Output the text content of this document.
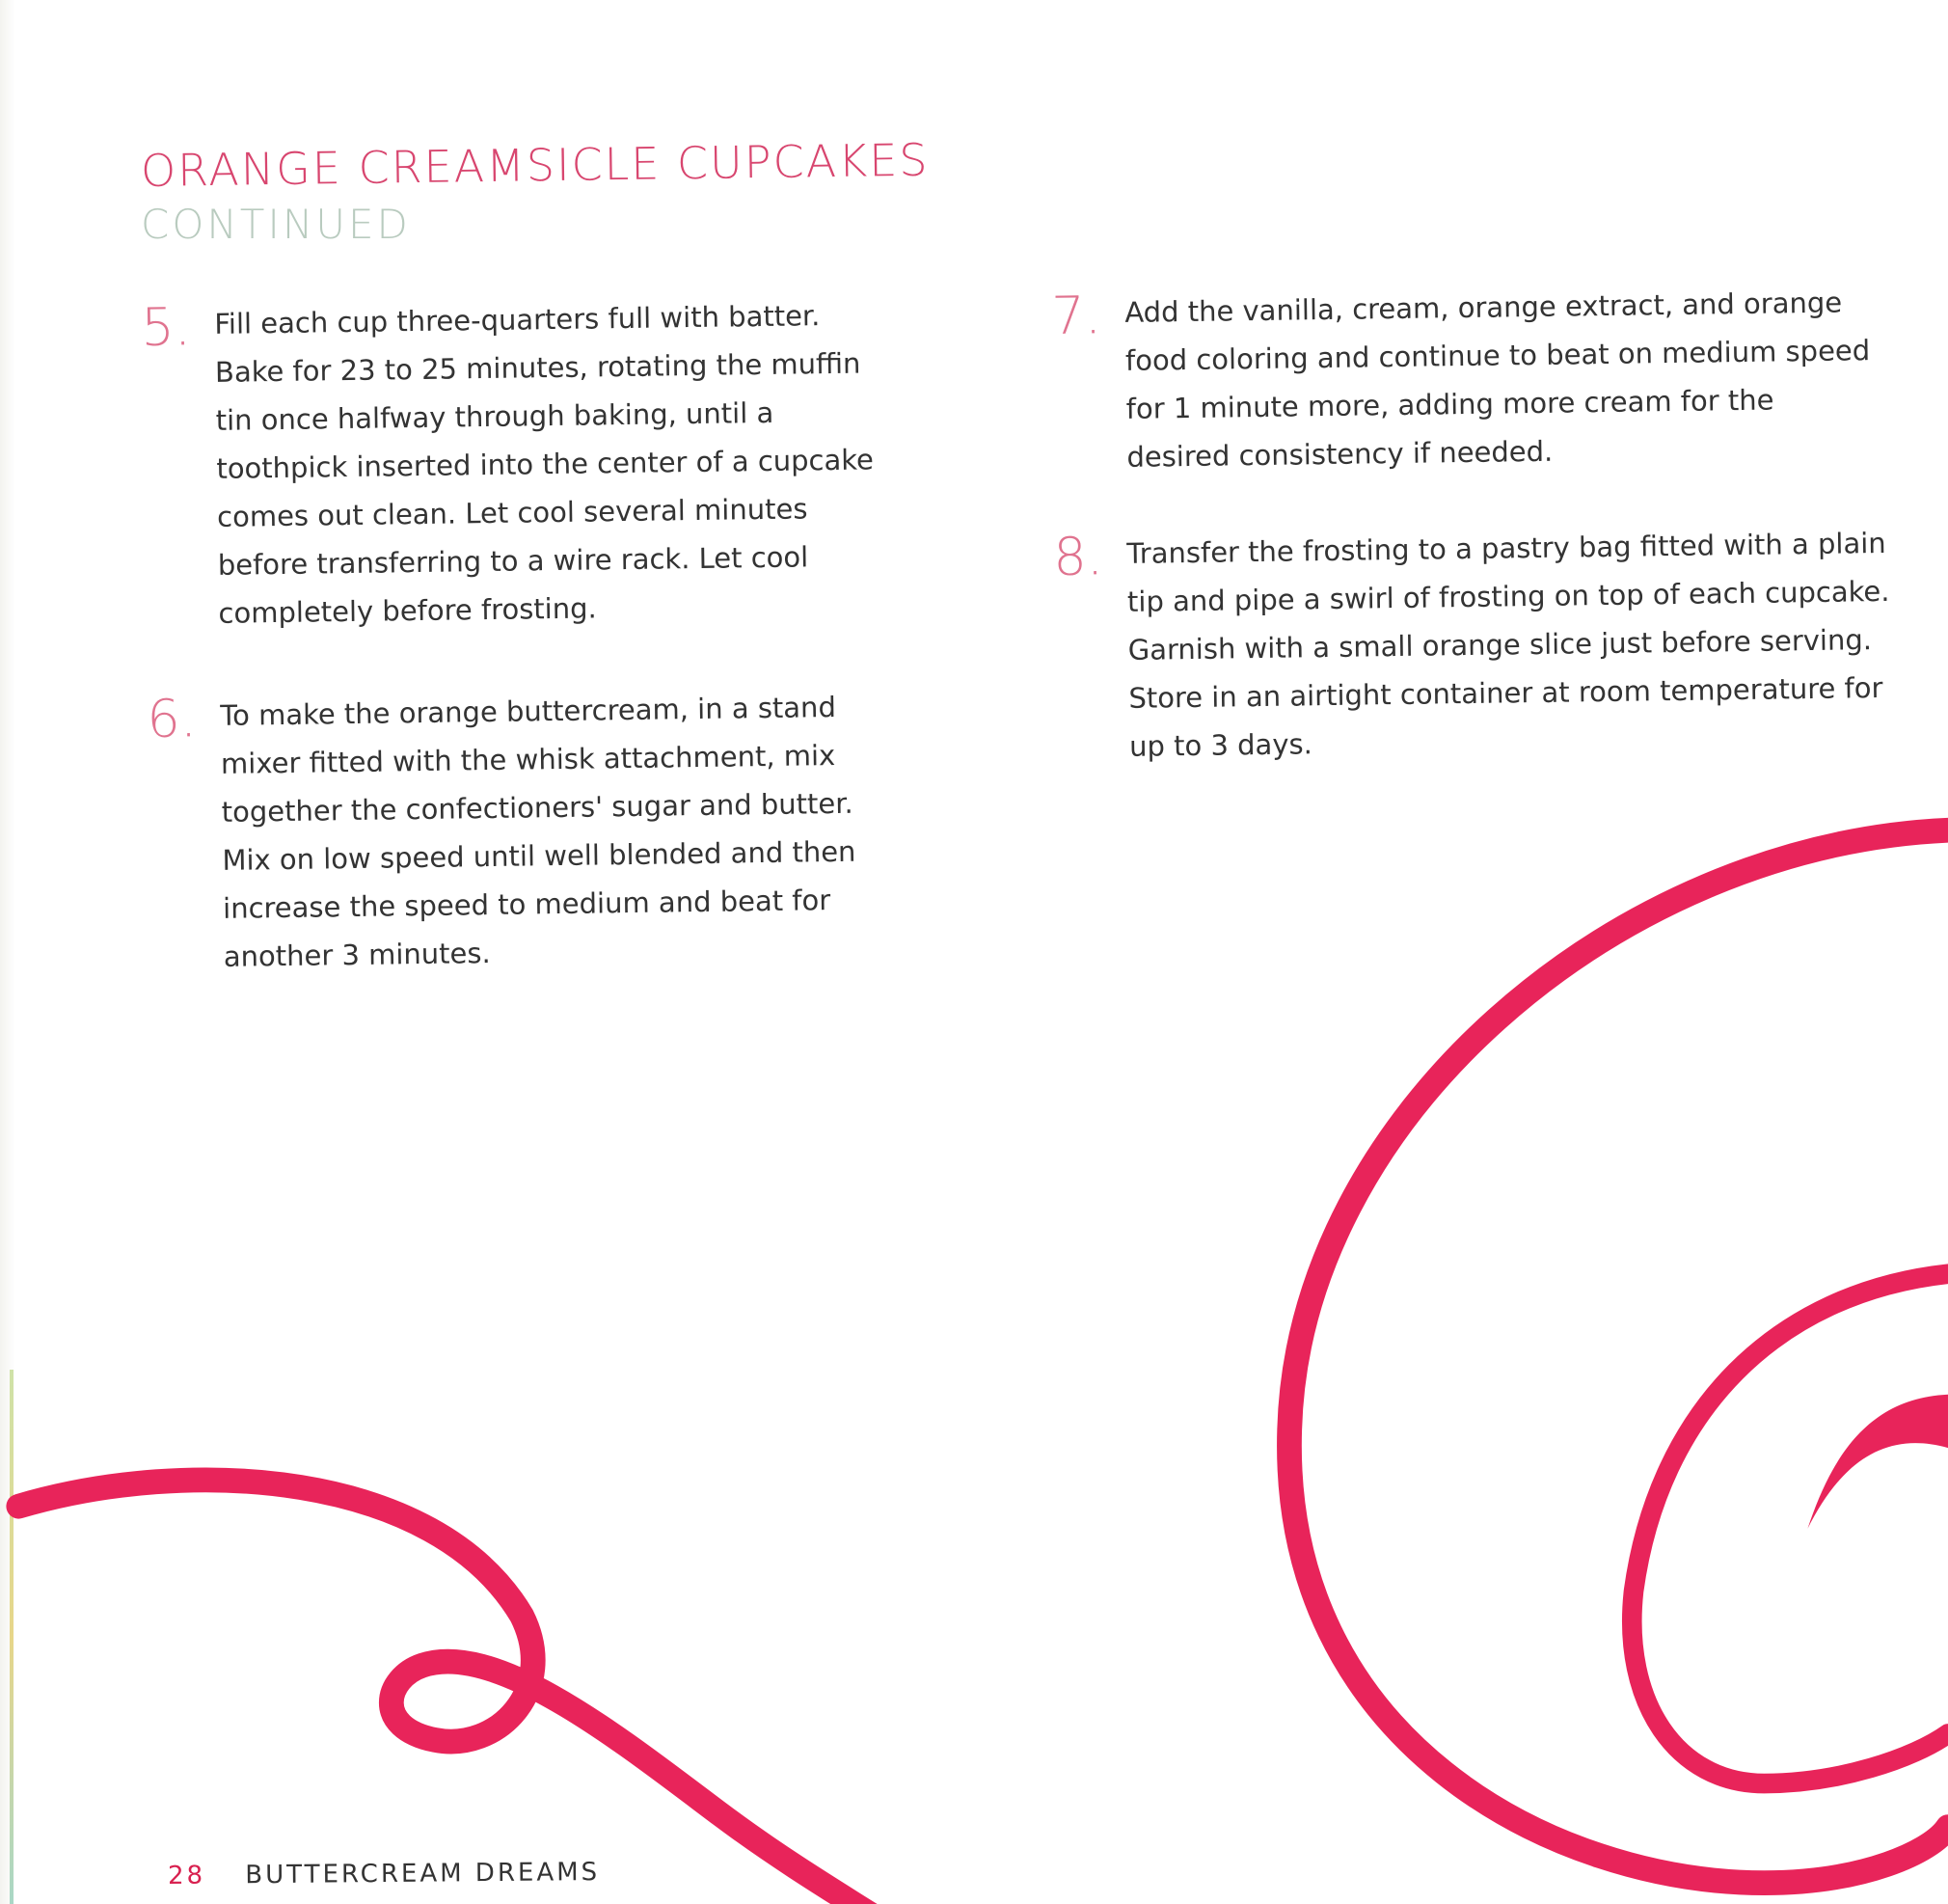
ORANGE CREAMSICLE CUPCAKES
CONTINUED
5. Fill each cup three-quarters full with batter. Bake for 23 to 25 minutes, rotating the muffin tin once halfway through baking, until a toothpick inserted into the center of a cupcake comes out clean. Let cool several minutes before transferring to a wire rack. Let cool completely before frosting.
6. To make the orange buttercream, in a stand mixer fitted with the whisk attachment, mix together the confectioners' sugar and butter. Mix on low speed until well blended and then increase the speed to medium and beat for another 3 minutes.
7. Add the vanilla, cream, orange extract, and orange food coloring and continue to beat on medium speed for 1 minute more, adding more cream for the desired consistency if needed.
8. Transfer the frosting to a pastry bag fitted with a plain tip and pipe a swirl of frosting on top of each cupcake. Garnish with a small orange slice just before serving. Store in an airtight container at room temperature for up to 3 days.
28 BUTTERCREAM DREAMS
